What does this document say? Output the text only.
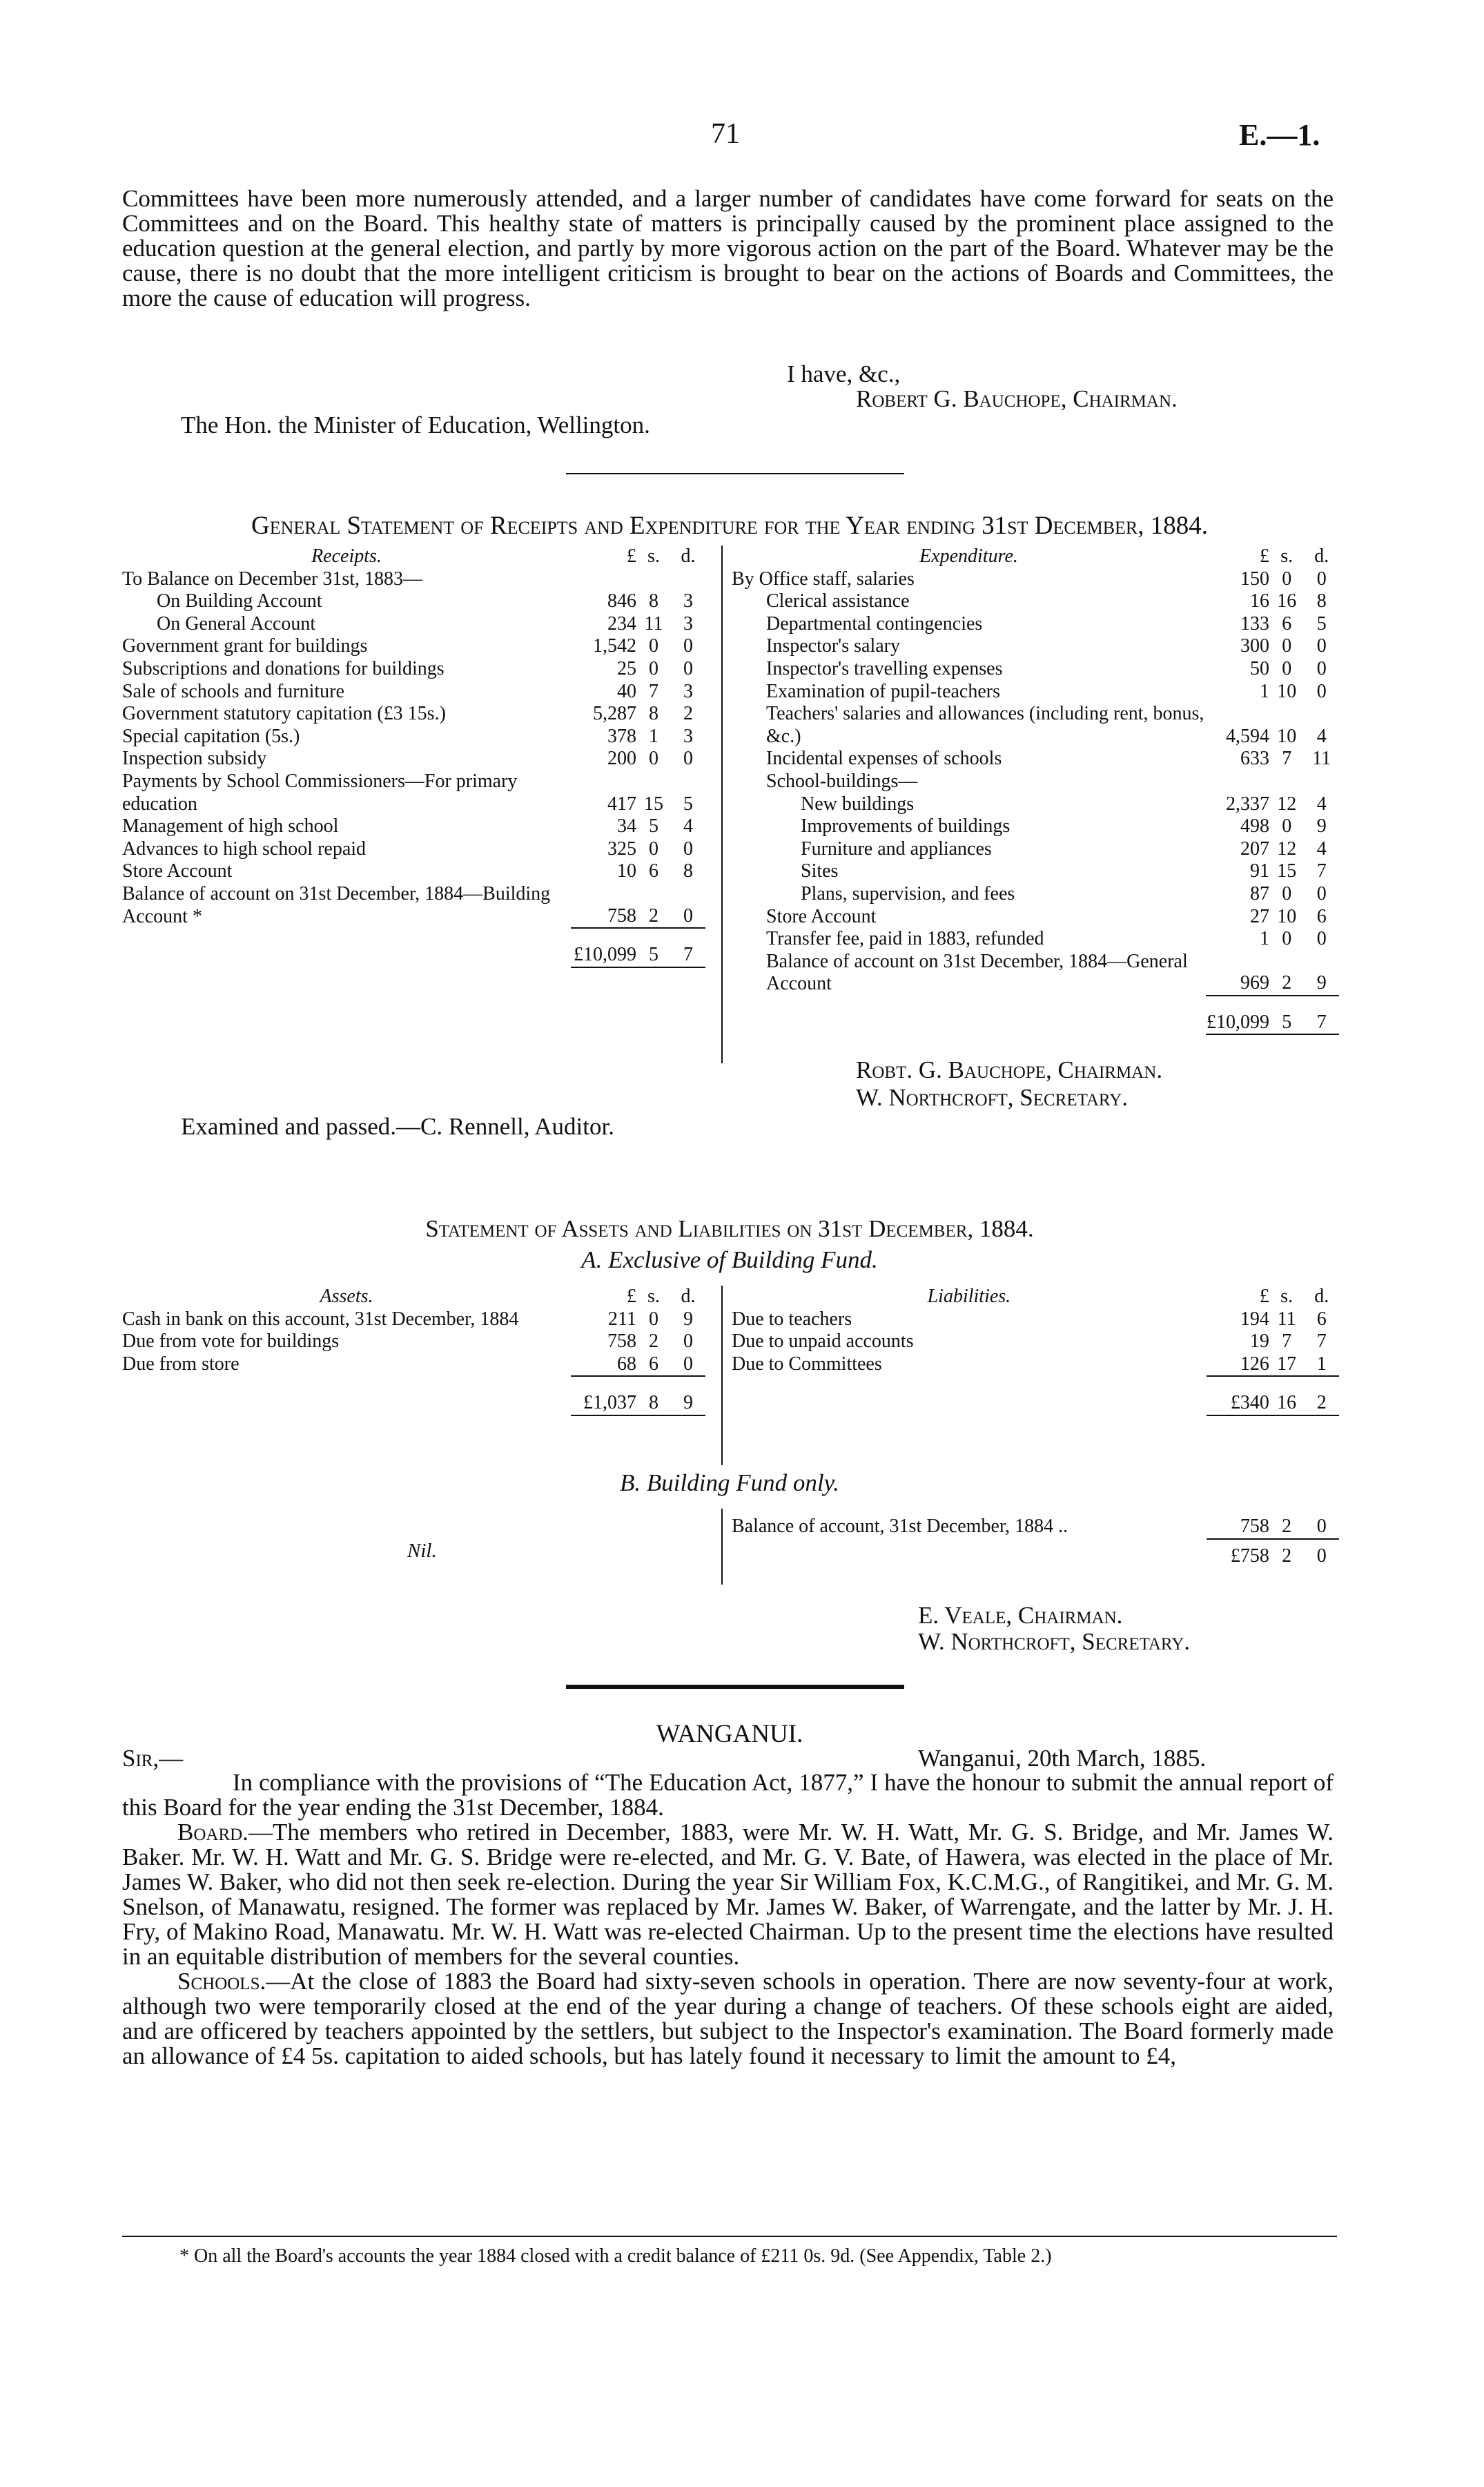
71	E.—1.
Committees have been more numerously attended, and a larger number of candidates have come forward for seats on the Committees and on the Board. This healthy state of matters is principally caused by the prominent place assigned to the education question at the general election, and partly by more vigorous action on the part of the Board. Whatever may be the cause, there is no doubt that the more intelligent criticism is brought to bear on the actions of Boards and Committees, the more the cause of education will progress.
I have, &c.,
Robert G. Bauchope, Chairman.
The Hon. the Minister of Education, Wellington.
General Statement of Receipts and Expenditure for the Year ending 31st December, 1884.
Receipts.	£	s.	d.	
To Balance on December 31st, 1883—				
On Building Account	846	8	3	
On General Account	234	11	3	
Government grant for buildings	1,542	0	0	
Subscriptions and donations for buildings	25	0	0	
Sale of schools and furniture	40	7	3	
Government statutory capitation (£3 15s.)	5,287	8	2	
Special capitation (5s.)	378	1	3	
Inspection subsidy	200	0	0	
Payments by School Commissioners—For primary education	417	15	5	
Management of high school	34	5	4	
Advances to high school repaid	325	0	0	
Store Account	10	6	8	
Balance of account on 31st December, 1884—Building Account *	758	2	0	

	£10,099	5	7	

Expenditure.	£	s.	d.
By Office staff, salaries	150	0	0
Clerical assistance	16	16	8
Departmental contingencies	133	6	5
Inspector's salary	300	0	0
Inspector's travelling expenses	50	0	0
Examination of pupil-teachers	1	10	0
Teachers' salaries and allowances (including rent, bonus, &c.)	4,594	10	4
Incidental expenses of schools	633	7	11
School-buildings—			
New buildings	2,337	12	4
Improvements of buildings	498	0	9
Furniture and appliances	207	12	4
Sites	91	15	7
Plans, supervision, and fees	87	0	0
Store Account	27	10	6
Transfer fee, paid in 1883, refunded	1	0	0
Balance of account on 31st December, 1884—General Account	969	2	9

	£10,099	5	7

Robt. G. Bauchope, Chairman.
W. Northcroft, Secretary.
Examined and passed.—C. Rennell, Auditor.
Statement of Assets and Liabilities on 31st December, 1884.
A. Exclusive of Building Fund.
Assets.	£	s.	d.	
Cash in bank on this account, 31st December, 1884	211	0	9	
Due from vote for buildings	758	2	0	
Due from store	68	6	0	

	£1,037	8	9	

Liabilities.	£	s.	d.
Due to teachers	194	11	6
Due to unpaid accounts	19	7	7
Due to Committees	126	17	1

	£340	16	2

B. Building Fund only.
Nil.
Balance of account, 31st December, 1884 ..	758	2	0

	£758	2	0
E. Veale, Chairman.
W. Northcroft, Secretary.
WANGANUI.
Sir,—	Wanganui, 20th March, 1885.
In compliance with the provisions of “The Education Act, 1877,” I have the honour to submit the annual report of this Board for the year ending the 31st December, 1884.
Board.—The members who retired in December, 1883, were Mr. W. H. Watt, Mr. G. S. Bridge, and Mr. James W. Baker. Mr. W. H. Watt and Mr. G. S. Bridge were re-elected, and Mr. G. V. Bate, of Hawera, was elected in the place of Mr. James W. Baker, who did not then seek re-election. During the year Sir William Fox, K.C.M.G., of Rangitikei, and Mr. G. M. Snelson, of Manawatu, resigned. The former was replaced by Mr. James W. Baker, of Warrengate, and the latter by Mr. J. H. Fry, of Makino Road, Manawatu. Mr. W. H. Watt was re-elected Chairman. Up to the present time the elections have resulted in an equitable distribution of members for the several counties.
Schools.—At the close of 1883 the Board had sixty-seven schools in operation. There are now seventy-four at work, although two were temporarily closed at the end of the year during a change of teachers. Of these schools eight are aided, and are officered by teachers appointed by the settlers, but subject to the Inspector's examination. The Board formerly made an allowance of £4 5s. capitation to aided schools, but has lately found it necessary to limit the amount to £4,
* On all the Board's accounts the year 1884 closed with a credit balance of £211 0s. 9d. (See Appendix, Table 2.)
